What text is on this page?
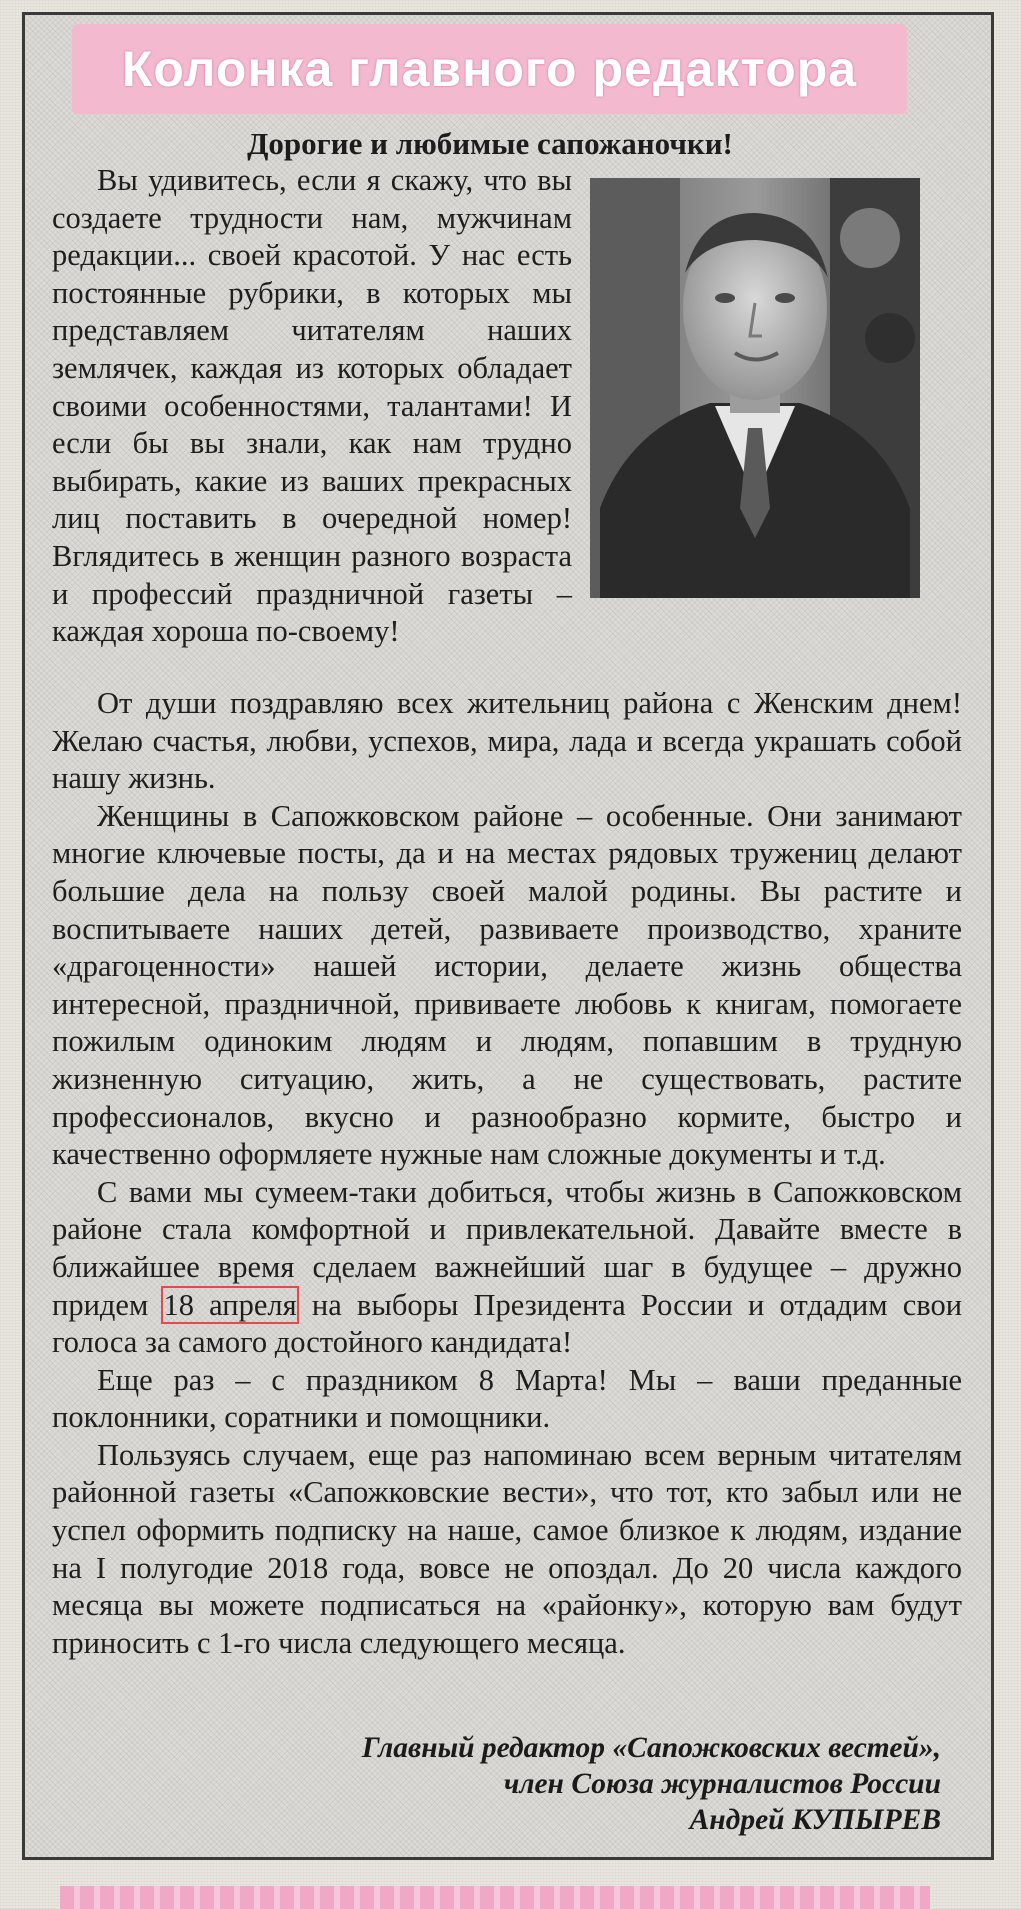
Колонка главного редактора
Дорогие и любимые сапожаночки!

Вы удивитесь, если я скажу, что вы создаете трудности нам, мужчинам редакции... своей красотой. У нас есть постоянные рубрики, в которых мы представляем читателям наших землячек, каждая из которых обладает своими особенностями, талантами! И если бы вы знали, как нам трудно выбирать, какие из ваших прекрасных лиц поставить в очередной номер! Вглядитесь в женщин разного возраста и профессий праздничной газеты – каждая хороша по-своему!

От души поздравляю всех жительниц района с Женским днем! Желаю счастья, любви, успехов, мира, лада и всегда украшать собой нашу жизнь.

Женщины в Сапожковском районе – особенные. Они занимают многие ключевые посты, да и на местах рядовых тружениц делают большие дела на пользу своей малой родины. Вы растите и воспитываете наших детей, развиваете производство, храните «драгоценности» нашей истории, делаете жизнь общества интересной, праздничной, прививаете любовь к книгам, помогаете пожилым одиноким людям и людям, попавшим в трудную жизненную ситуацию, жить, а не существовать, растите профессионалов, вкусно и разнообразно кормите, быстро и качественно оформляете нужные нам сложные документы и т.д.

С вами мы сумеем-таки добиться, чтобы жизнь в Сапожковском районе стала комфортной и привлекательной. Давайте вместе в ближайшее время сделаем важнейший шаг в будущее – дружно придем 18 апреля на выборы Президента России и отдадим свои голоса за самого достойного кандидата!

Еще раз – с праздником 8 Марта! Мы – ваши преданные поклонники, соратники и помощники.

Пользуясь случаем, еще раз напоминаю всем верным читателям районной газеты «Сапожковские вести», что тот, кто забыл или не успел оформить подписку на наше, самое близкое к людям, издание на I полугодие 2018 года, вовсе не опоздал. До 20 числа каждого месяца вы можете подписаться на «районку», которую вам будут приносить с 1-го числа следующего месяца.

Главный редактор «Сапожковских вестей»,
член Союза журналистов России
Андрей КУПЫРЕВ
